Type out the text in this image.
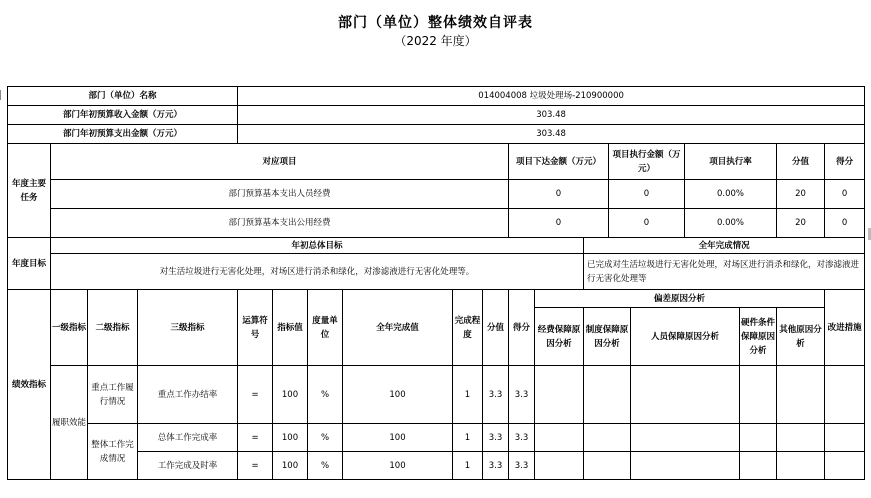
部门（单位）整体绩效自评表
（2022 年度）
部门（单位）名称				014004008 垃圾处理场-210900000														
部门年初预算收入金额（万元）				303.48														
部门年初预算支出金额（万元）				303.48														
年度主要任务	对应项目									项目下达金额（万元）			项目执行金额（万元）		项目执行率		分值	得分
	部门预算基本支出人员经费									0			0		0.00%		20	0
	部门预算基本支出公用经费									0			0		0.00%		20	0
年度目标	年初总体目标											全年完成情况						
	对生活垃圾进行无害化处理，对场区进行消杀和绿化，对渗滤液进行无害化处理等。											已完成对生活垃圾进行无害化处理，对场区进行消杀和绿化，对渗滤液进行无害化处理等						
绩效指标	一级指标	二级指标	三级指标	运算符号	指标值	度量单位	全年完成值	完成程度	分值	得分	偏差原因分析							改进措施
											经费保障原因分析	制度保障原因分析		人员保障原因分析		硬件条件保障原因分析	其他原因分析	
	履职效能	重点工作履行情况	重点工作办结率	=	100	%	100	1	3.3	3.3								
		整体工作完成情况	总体工作完成率	=	100	%	100	1	3.3	3.3								
			工作完成及时率	=	100	%	100	1	3.3	3.3								
